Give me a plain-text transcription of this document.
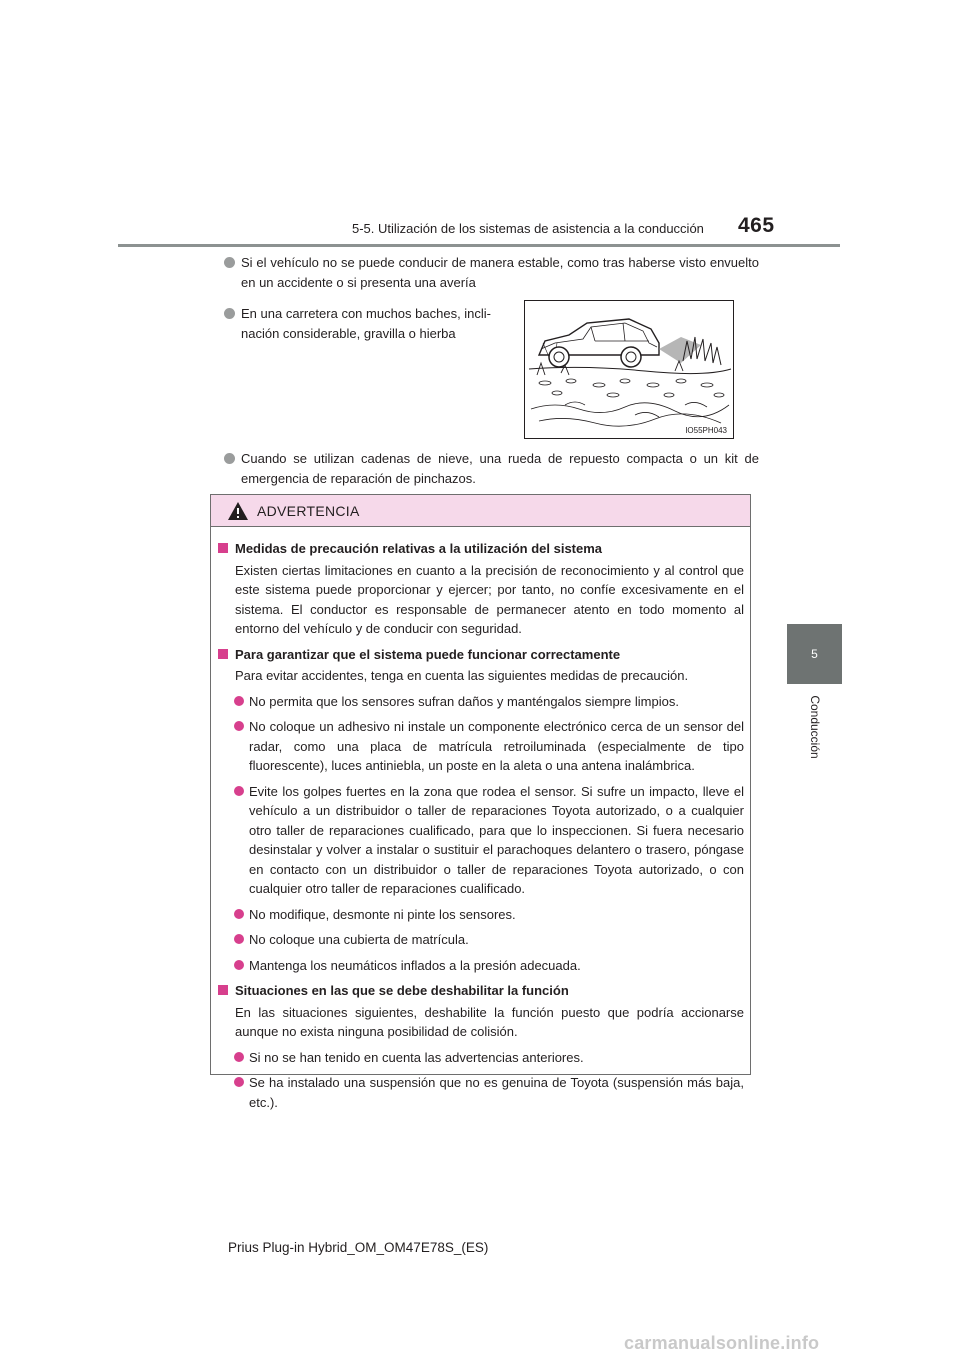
5-5. Utilización de los sistemas de asistencia a la conducción 465
5
Conducción

Si el vehículo no se puede conducir de manera estable, como tras haberse visto envuelto en un accidente o si presenta una avería

En una carretera con muchos baches, incli-
nación considerable, gravilla o hierba

IO55PH043

Cuando se utilizan cadenas de nieve, una rueda de repuesto compacta o un kit de emergencia de reparación de pinchazos.

ADVERTENCIA
Medidas de precaución relativas a la utilización del sistema

Existen ciertas limitaciones en cuanto a la precisión de reconocimiento y al control que este sistema puede proporcionar y ejercer; por tanto, no confíe excesivamente en el sistema. El conductor es responsable de permanecer atento en todo momento al entorno del vehículo y de conducir con seguridad.

Para garantizar que el sistema puede funcionar correctamente

Para evitar accidentes, tenga en cuenta las siguientes medidas de precaución.

No permita que los sensores sufran daños y manténgalos siempre limpios.
No coloque un adhesivo ni instale un componente electrónico cerca de un sensor del radar, como una placa de matrícula retroiluminada (especialmente de tipo fluorescente), luces antiniebla, un poste en la aleta o una antena inalámbrica.
Evite los golpes fuertes en la zona que rodea el sensor. Si sufre un impacto, lleve el vehículo a un distribuidor o taller de reparaciones Toyota autorizado, o a cualquier otro taller de reparaciones cualificado, para que lo inspeccionen. Si fuera necesario desinstalar y volver a instalar o sustituir el parachoques delantero o trasero, póngase en contacto con un distribuidor o taller de reparaciones Toyota autorizado, o con cualquier otro taller de reparaciones cualificado.
No modifique, desmonte ni pinte los sensores.
No coloque una cubierta de matrícula.
Mantenga los neumáticos inflados a la presión adecuada.
Situaciones en las que se debe deshabilitar la función

En las situaciones siguientes, deshabilite la función puesto que podría accionarse aunque no exista ninguna posibilidad de colisión.

Si no se han tenido en cuenta las advertencias anteriores.
Se ha instalado una suspensión que no es genuina de Toyota (suspensión más baja, etc.).
Prius Plug-in Hybrid_OM_OM47E78S_(ES)
carmanualsonline.info
